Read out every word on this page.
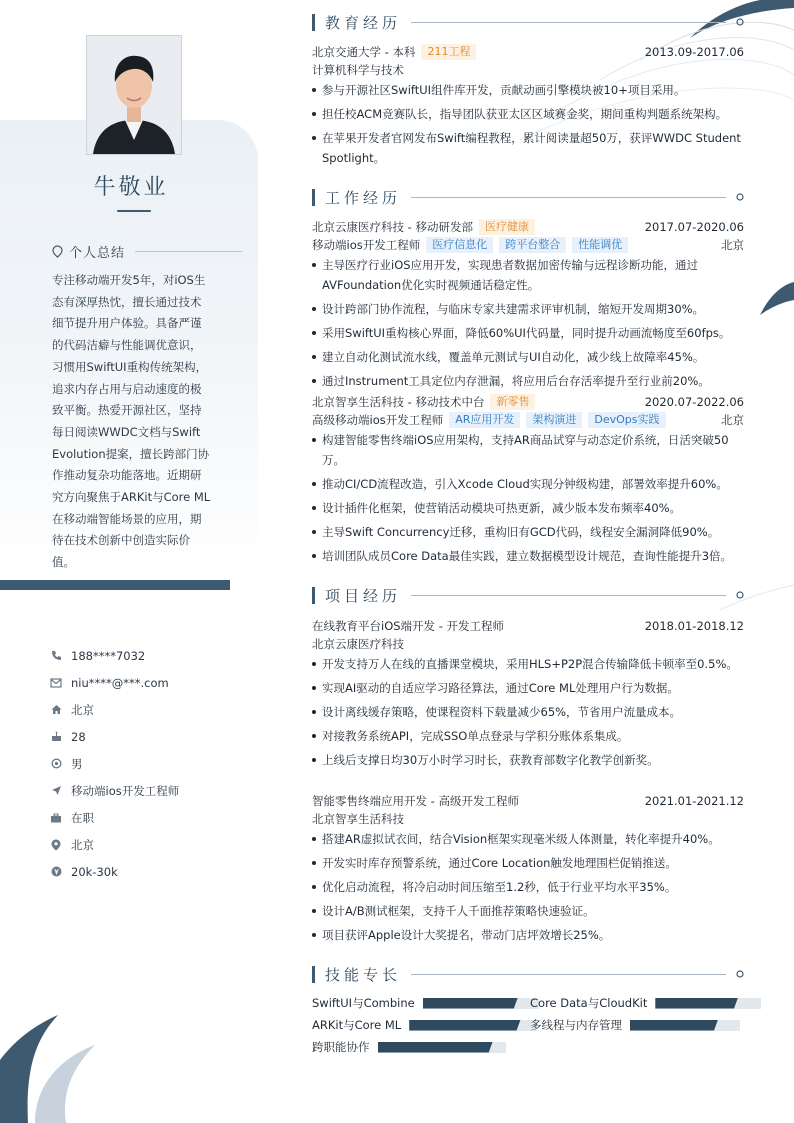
牛敬业
个人总结
专注移动端开发5年，对iOS生态有深厚热忱，擅长通过技术细节提升用户体验。具备严谨的代码洁癖与性能调优意识，习惯用SwiftUI重构传统架构，追求内存占用与启动速度的极致平衡。热爱开源社区，坚持每日阅读WWDC文档与Swift Evolution提案，擅长跨部门协作推动复杂功能落地。近期研究方向聚焦于ARKit与Core ML在移动端智能场景的应用，期待在技术创新中创造实际价值。
188****7032
niu****@***.com
北京
28
男
移动端ios开发工程师
在职
北京
20k-30k
教育经历
北京交通大学 - 本科	211工程	2013.09-2017.06
计算机科学与技术
参与开源社区SwiftUI组件库开发，贡献动画引擎模块被10+项目采用。
担任校ACM竞赛队长，指导团队获亚太区区域赛金奖，期间重构判题系统架构。
在苹果开发者官网发布Swift编程教程，累计阅读量超50万，获评WWDC Student Spotlight。
工作经历
北京云康医疗科技 - 移动研发部	医疗健康	2017.07-2020.06
移动端ios开发工程师	医疗信息化	跨平台整合	性能调优	北京
主导医疗行业iOS应用开发，实现患者数据加密传输与远程诊断功能，通过AVFoundation优化实时视频通话稳定性。
设计跨部门协作流程，与临床专家共建需求评审机制，缩短开发周期30%。
采用SwiftUI重构核心界面，降低60%UI代码量，同时提升动画流畅度至60fps。
建立自动化测试流水线，覆盖单元测试与UI自动化，减少线上故障率45%。
通过Instrument工具定位内存泄漏，将应用后台存活率提升至行业前20%。
北京智享生活科技 - 移动技术中台	新零售	2020.07-2022.06
高级移动端ios开发工程师	AR应用开发	架构演进	DevOps实践	北京
构建智能零售终端iOS应用架构，支持AR商品试穿与动态定价系统，日活突破50万。
推动CI/CD流程改造，引入Xcode Cloud实现分钟级构建，部署效率提升60%。
设计插件化框架，使营销活动模块可热更新，减少版本发布频率40%。
主导Swift Concurrency迁移，重构旧有GCD代码，线程安全漏洞降低90%。
培训团队成员Core Data最佳实践，建立数据模型设计规范，查询性能提升3倍。
项目经历
在线教育平台iOS端开发 - 开发工程师	2018.01-2018.12
北京云康医疗科技
开发支持万人在线的直播课堂模块，采用HLS+P2P混合传输降低卡顿率至0.5%。
实现AI驱动的自适应学习路径算法，通过Core ML处理用户行为数据。
设计离线缓存策略，使课程资料下载量减少65%，节省用户流量成本。
对接教务系统API，完成SSO单点登录与学积分账体系集成。
上线后支撑日均30万小时学习时长，获教育部数字化教学创新奖。
智能零售终端应用开发 - 高级开发工程师	2021.01-2021.12
北京智享生活科技
搭建AR虚拟试衣间，结合Vision框架实现毫米级人体测量，转化率提升40%。
开发实时库存预警系统，通过Core Location触发地理围栏促销推送。
优化启动流程，将冷启动时间压缩至1.2秒，低于行业平均水平35%。
设计A/B测试框架，支持千人千面推荐策略快速验证。
项目获评Apple设计大奖提名，带动门店坪效增长25%。
技能专长
SwiftUI与Combine	Core Data与CloudKit
ARKit与Core ML	多线程与内存管理
跨职能协作
